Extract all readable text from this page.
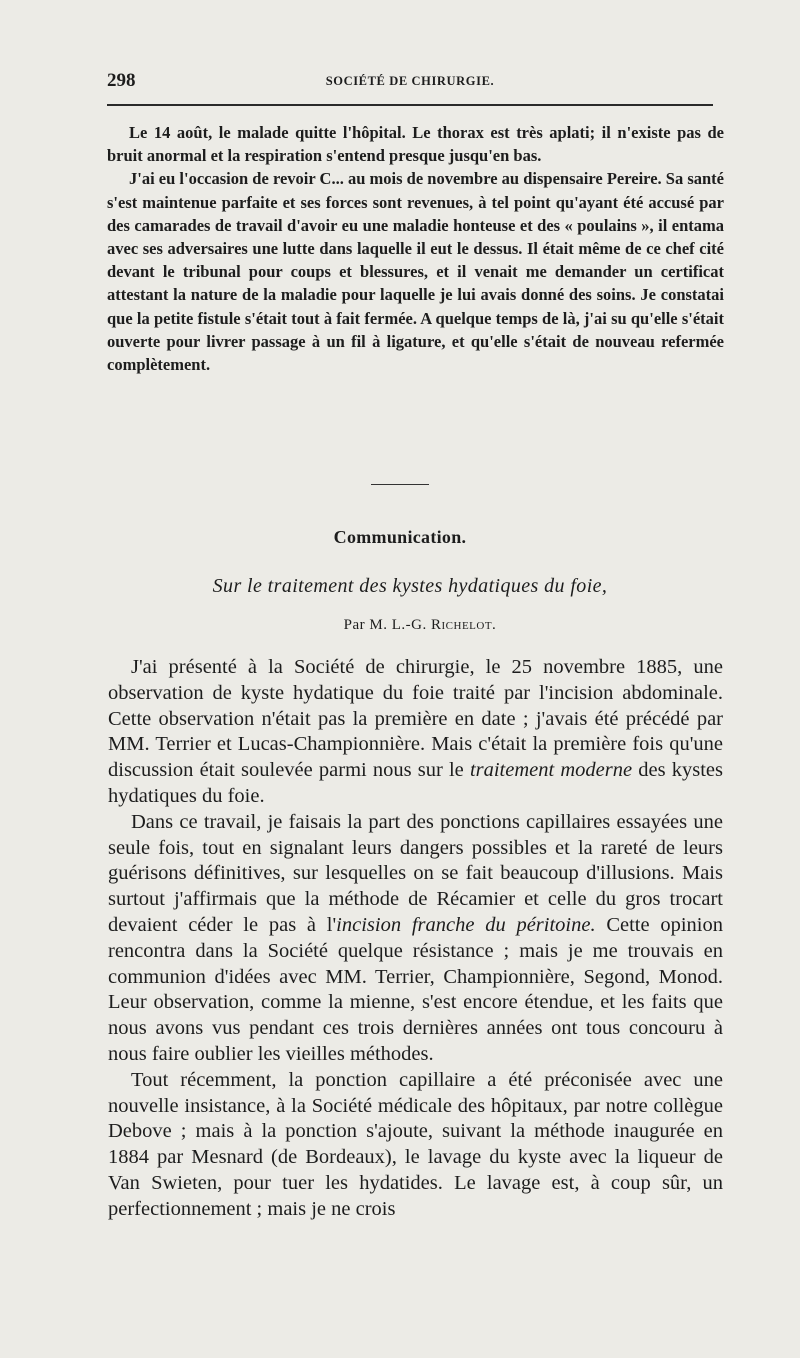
298	SOCIÉTÉ DE CHIRURGIE.

Le 14 août, le malade quitte l'hôpital. Le thorax est très aplati; il n'existe pas de bruit anormal et la respiration s'entend presque jusqu'en bas.

J'ai eu l'occasion de revoir C... au mois de novembre au dispensaire Pereire. Sa santé s'est maintenue parfaite et ses forces sont revenues, à tel point qu'ayant été accusé par des camarades de travail d'avoir eu une maladie honteuse et des « poulains », il entama avec ses adversaires une lutte dans laquelle il eut le dessus. Il était même de ce chef cité devant le tribunal pour coups et blessures, et il venait me demander un certificat attestant la nature de la maladie pour laquelle je lui avais donné des soins. Je constatai que la petite fistule s'était tout à fait fermée. A quelque temps de là, j'ai su qu'elle s'était ouverte pour livrer passage à un fil à ligature, et qu'elle s'était de nouveau refermée complètement.

Communication.
Sur le traitement des kystes hydatiques du foie,
Par M. L.-G. Richelot.

J'ai présenté à la Société de chirurgie, le 25 novembre 1885, une observation de kyste hydatique du foie traité par l'incision abdominale. Cette observation n'était pas la première en date ; j'avais été précédé par MM. Terrier et Lucas-Championnière. Mais c'était la première fois qu'une discussion était soulevée parmi nous sur le traitement moderne des kystes hydatiques du foie.

Dans ce travail, je faisais la part des ponctions capillaires essayées une seule fois, tout en signalant leurs dangers possibles et la rareté de leurs guérisons définitives, sur lesquelles on se fait beaucoup d'illusions. Mais surtout j'affirmais que la méthode de Récamier et celle du gros trocart devaient céder le pas à l'incision franche du péritoine. Cette opinion rencontra dans la Société quelque résistance ; mais je me trouvais en communion d'idées avec MM. Terrier, Championnière, Segond, Monod. Leur observation, comme la mienne, s'est encore étendue, et les faits que nous avons vus pendant ces trois dernières années ont tous concouru à nous faire oublier les vieilles méthodes.

Tout récemment, la ponction capillaire a été préconisée avec une nouvelle insistance, à la Société médicale des hôpitaux, par notre collègue Debove ; mais à la ponction s'ajoute, suivant la méthode inaugurée en 1884 par Mesnard (de Bordeaux), le lavage du kyste avec la liqueur de Van Swieten, pour tuer les hydatides. Le lavage est, à coup sûr, un perfectionnement ; mais je ne crois
